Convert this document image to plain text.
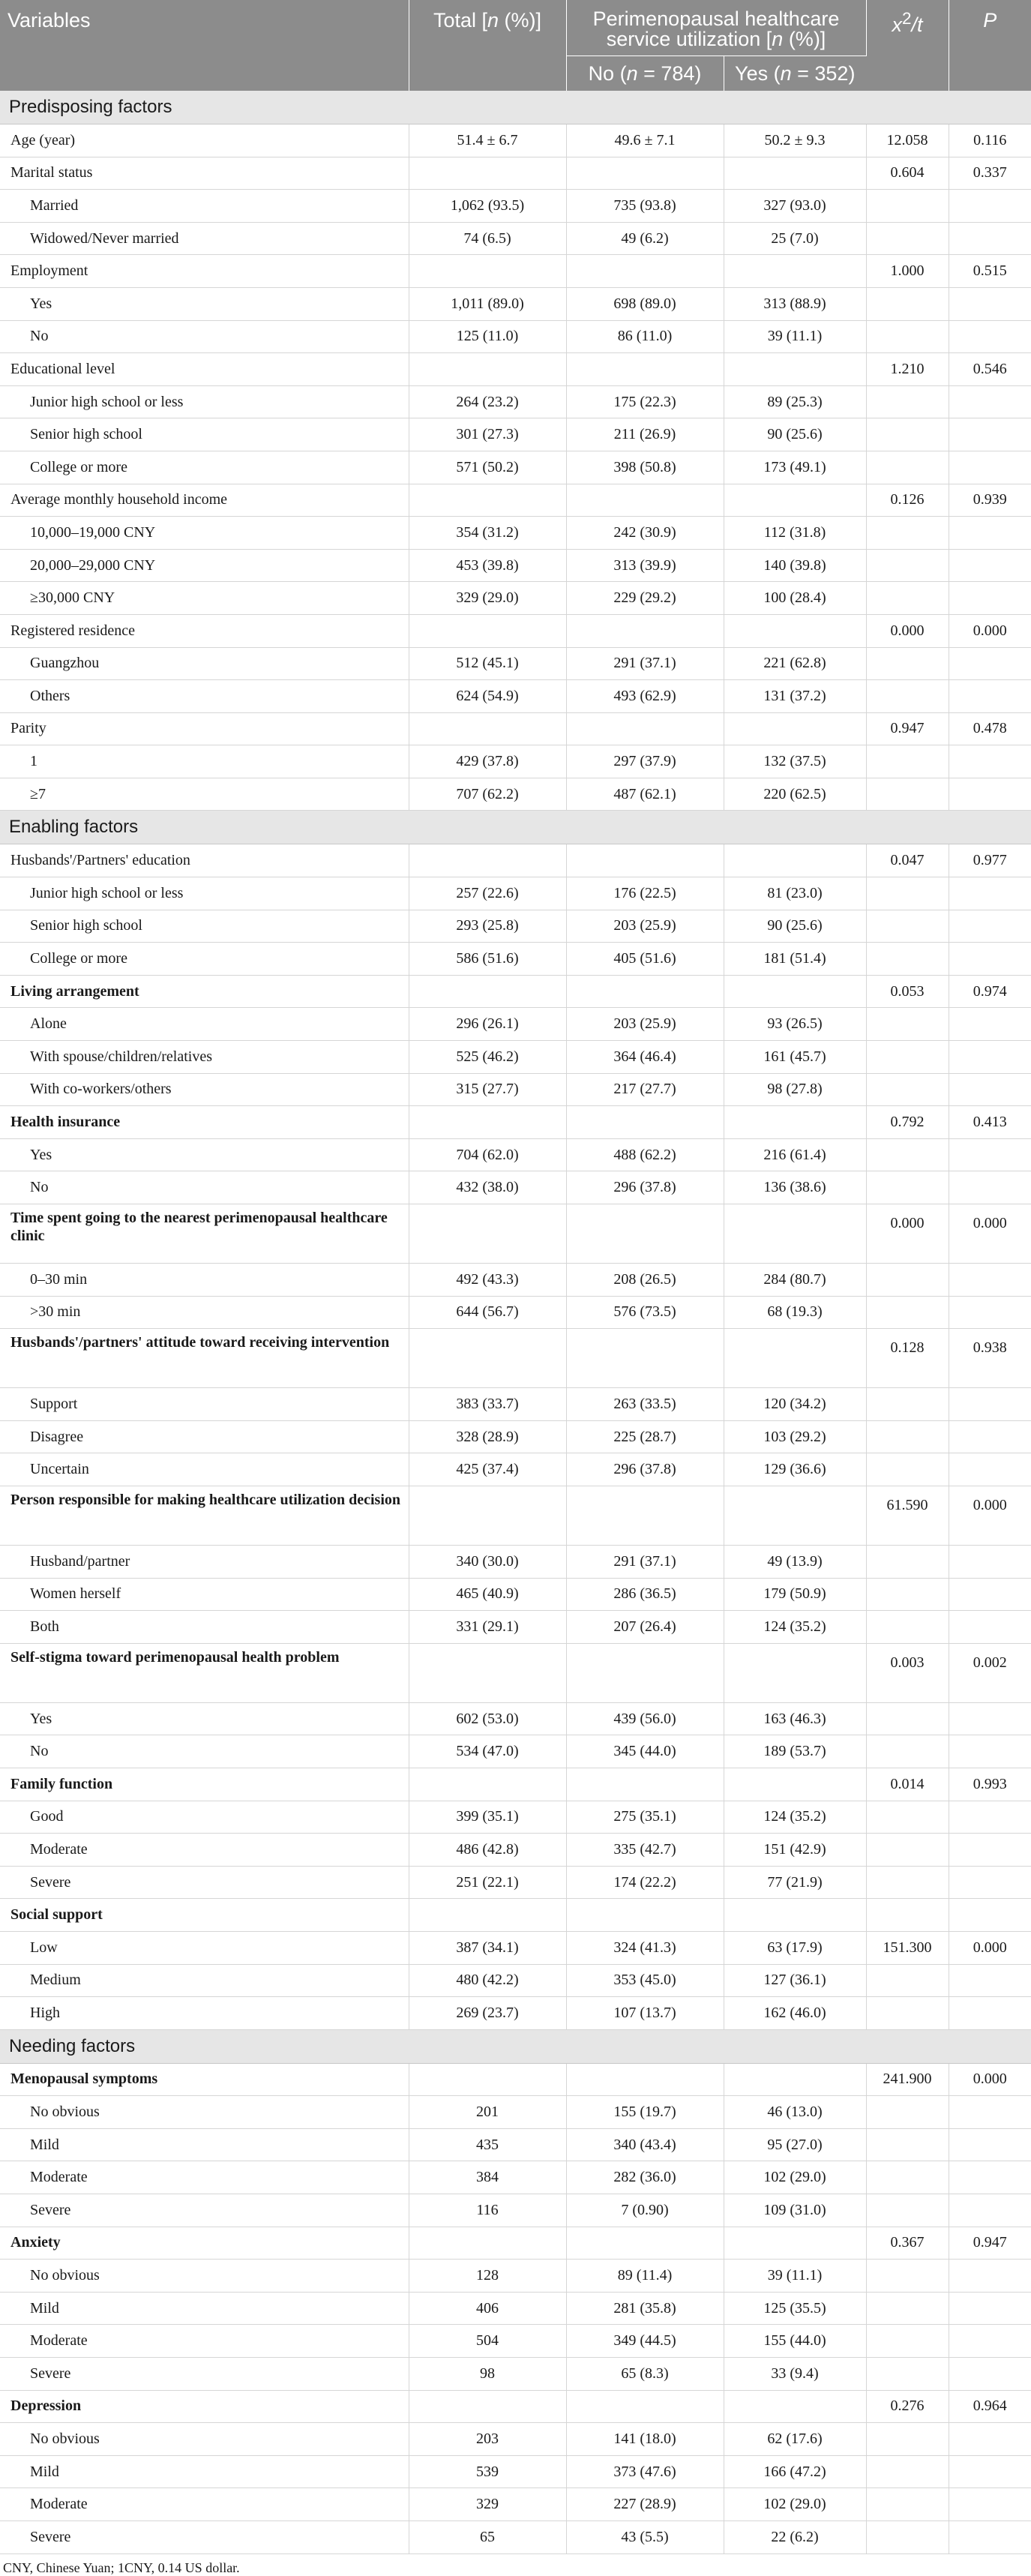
Variables	Total [n (%)]	Perimenopausal healthcare
service utilization [n (%)]		$x^2/t$	P
		No (n = 784)	Yes (n = 352)		
Predisposing factors					
Age (year)	51.4 ± 6.7	49.6 ± 7.1	50.2 ± 9.3	12.058	0.116
Marital status				0.604	0.337
Married	1,062 (93.5)	735 (93.8)	327 (93.0)		
Widowed/Never married	74 (6.5)	49 (6.2)	25 (7.0)		
Employment				1.000	0.515
Yes	1,011 (89.0)	698 (89.0)	313 (88.9)		
No	125 (11.0)	86 (11.0)	39 (11.1)		
Educational level				1.210	0.546
Junior high school or less	264 (23.2)	175 (22.3)	89 (25.3)		
Senior high school	301 (27.3)	211 (26.9)	90 (25.6)		
College or more	571 (50.2)	398 (50.8)	173 (49.1)		
Average monthly household income				0.126	0.939
10,000–19,000 CNY	354 (31.2)	242 (30.9)	112 (31.8)		
20,000–29,000 CNY	453 (39.8)	313 (39.9)	140 (39.8)		
≥30,000 CNY	329 (29.0)	229 (29.2)	100 (28.4)		
Registered residence				0.000	0.000
Guangzhou	512 (45.1)	291 (37.1)	221 (62.8)		
Others	624 (54.9)	493 (62.9)	131 (37.2)		
Parity				0.947	0.478
1	429 (37.8)	297 (37.9)	132 (37.5)		
≥7	707 (62.2)	487 (62.1)	220 (62.5)		
Enabling factors					
Husbands'/Partners' education				0.047	0.977
Junior high school or less	257 (22.6)	176 (22.5)	81 (23.0)		
Senior high school	293 (25.8)	203 (25.9)	90 (25.6)		
College or more	586 (51.6)	405 (51.6)	181 (51.4)		
Living arrangement				0.053	0.974
Alone	296 (26.1)	203 (25.9)	93 (26.5)		
With spouse/children/relatives	525 (46.2)	364 (46.4)	161 (45.7)		
With co-workers/others	315 (27.7)	217 (27.7)	98 (27.8)		
Health insurance				0.792	0.413
Yes	704 (62.0)	488 (62.2)	216 (61.4)		
No	432 (38.0)	296 (37.8)	136 (38.6)		
Time spent going to the nearest perimenopausal healthcare clinic				0.000	0.000
0–30 min	492 (43.3)	208 (26.5)	284 (80.7)		
>30 min	644 (56.7)	576 (73.5)	68 (19.3)		
Husbands'/partners' attitude toward receiving intervention				0.128	0.938
Support	383 (33.7)	263 (33.5)	120 (34.2)		
Disagree	328 (28.9)	225 (28.7)	103 (29.2)		
Uncertain	425 (37.4)	296 (37.8)	129 (36.6)		
Person responsible for making healthcare utilization decision				61.590	0.000
Husband/partner	340 (30.0)	291 (37.1)	49 (13.9)		
Women herself	465 (40.9)	286 (36.5)	179 (50.9)		
Both	331 (29.1)	207 (26.4)	124 (35.2)		
Self-stigma toward perimenopausal health problem				0.003	0.002
Yes	602 (53.0)	439 (56.0)	163 (46.3)		
No	534 (47.0)	345 (44.0)	189 (53.7)		
Family function				0.014	0.993
Good	399 (35.1)	275 (35.1)	124 (35.2)		
Moderate	486 (42.8)	335 (42.7)	151 (42.9)		
Severe	251 (22.1)	174 (22.2)	77 (21.9)		
Social support					
Low	387 (34.1)	324 (41.3)	63 (17.9)	151.300	0.000
Medium	480 (42.2)	353 (45.0)	127 (36.1)		
High	269 (23.7)	107 (13.7)	162 (46.0)		
Needing factors					
Menopausal symptoms				241.900	0.000
No obvious	201	155 (19.7)	46 (13.0)		
Mild	435	340 (43.4)	95 (27.0)		
Moderate	384	282 (36.0)	102 (29.0)		
Severe	116	7 (0.90)	109 (31.0)		
Anxiety				0.367	0.947
No obvious	128	89 (11.4)	39 (11.1)		
Mild	406	281 (35.8)	125 (35.5)		
Moderate	504	349 (44.5)	155 (44.0)		
Severe	98	65 (8.3)	33 (9.4)		
Depression				0.276	0.964
No obvious	203	141 (18.0)	62 (17.6)		
Mild	539	373 (47.6)	166 (47.2)		
Moderate	329	227 (28.9)	102 (29.0)		
Severe	65	43 (5.5)	22 (6.2)		
CNY, Chinese Yuan; 1CNY, 0.14 US dollar.
